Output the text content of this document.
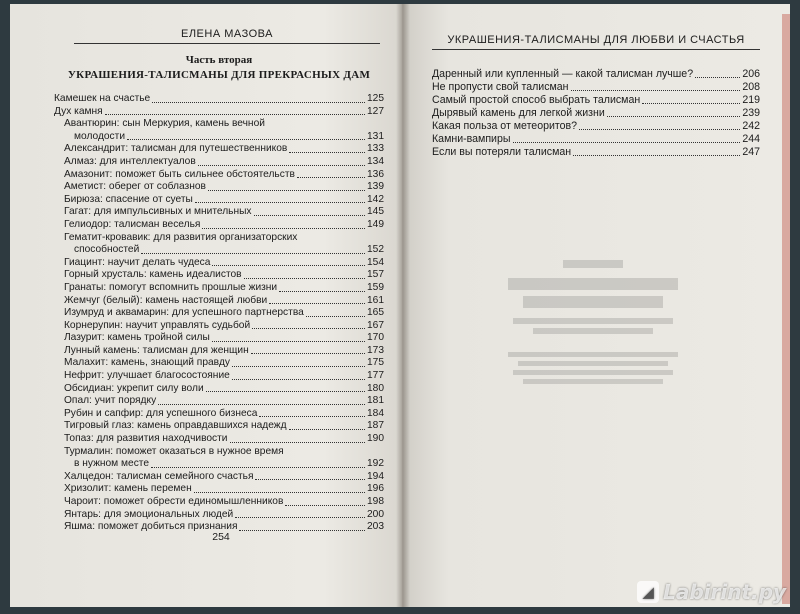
ЕЛЕНА МАЗОВА
Часть вторая
УКРАШЕНИЯ-ТАЛИСМАНЫ ДЛЯ ПРЕКРАСНЫХ ДАМ
Камешек на счастье	125
Дух камня	127
Авантюрин: сын Меркурия, камень вечной
молодости	131
Александрит: талисман для путешественников	133
Алмаз: для интеллектуалов	134
Амазонит: поможет быть сильнее обстоятельств	136
Аметист: оберег от соблазнов	139
Бирюза: спасение от суеты	142
Гагат: для импульсивных и мнительных	145
Гелиодор: талисман веселья	149
Гематит-кровавик: для развития организаторских
способностей	152
Гиацинт: научит делать чудеса	154
Горный хрусталь: камень идеалистов	157
Гранаты: помогут вспомнить прошлые жизни	159
Жемчуг (белый): камень настоящей любви	161
Изумруд и аквамарин: для успешного партнерства	165
Корнерупин: научит управлять судьбой	167
Лазурит: камень тройной силы	170
Лунный камень: талисман для женщин	173
Малахит: камень, знающий правду	175
Нефрит: улучшает благосостояние	177
Обсидиан: укрепит силу воли	180
Опал: учит порядку	181
Рубин и сапфир: для успешного бизнеса	184
Тигровый глаз: камень оправдавшихся надежд	187
Топаз: для развития находчивости	190
Турмалин: поможет оказаться в нужное время
в нужном месте	192
Халцедон: талисман семейного счастья	194
Хризолит: камень перемен	196
Чароит: поможет обрести единомышленников	198
Янтарь: для эмоциональных людей	200
Яшма: поможет добиться признания	203
254
УКРАШЕНИЯ-ТАЛИСМАНЫ ДЛЯ ЛЮБВИ И СЧАСТЬЯ
Даренный или купленный — какой талисман лучше?	206
Не пропусти свой талисман	208
Самый простой способ выбрать талисман	219
Дырявый камень для легкой жизни	239
Какая польза от метеоритов?	242
Камни-вампиры	244
Если вы потеряли талисман	247
◢ Labirint.ру
